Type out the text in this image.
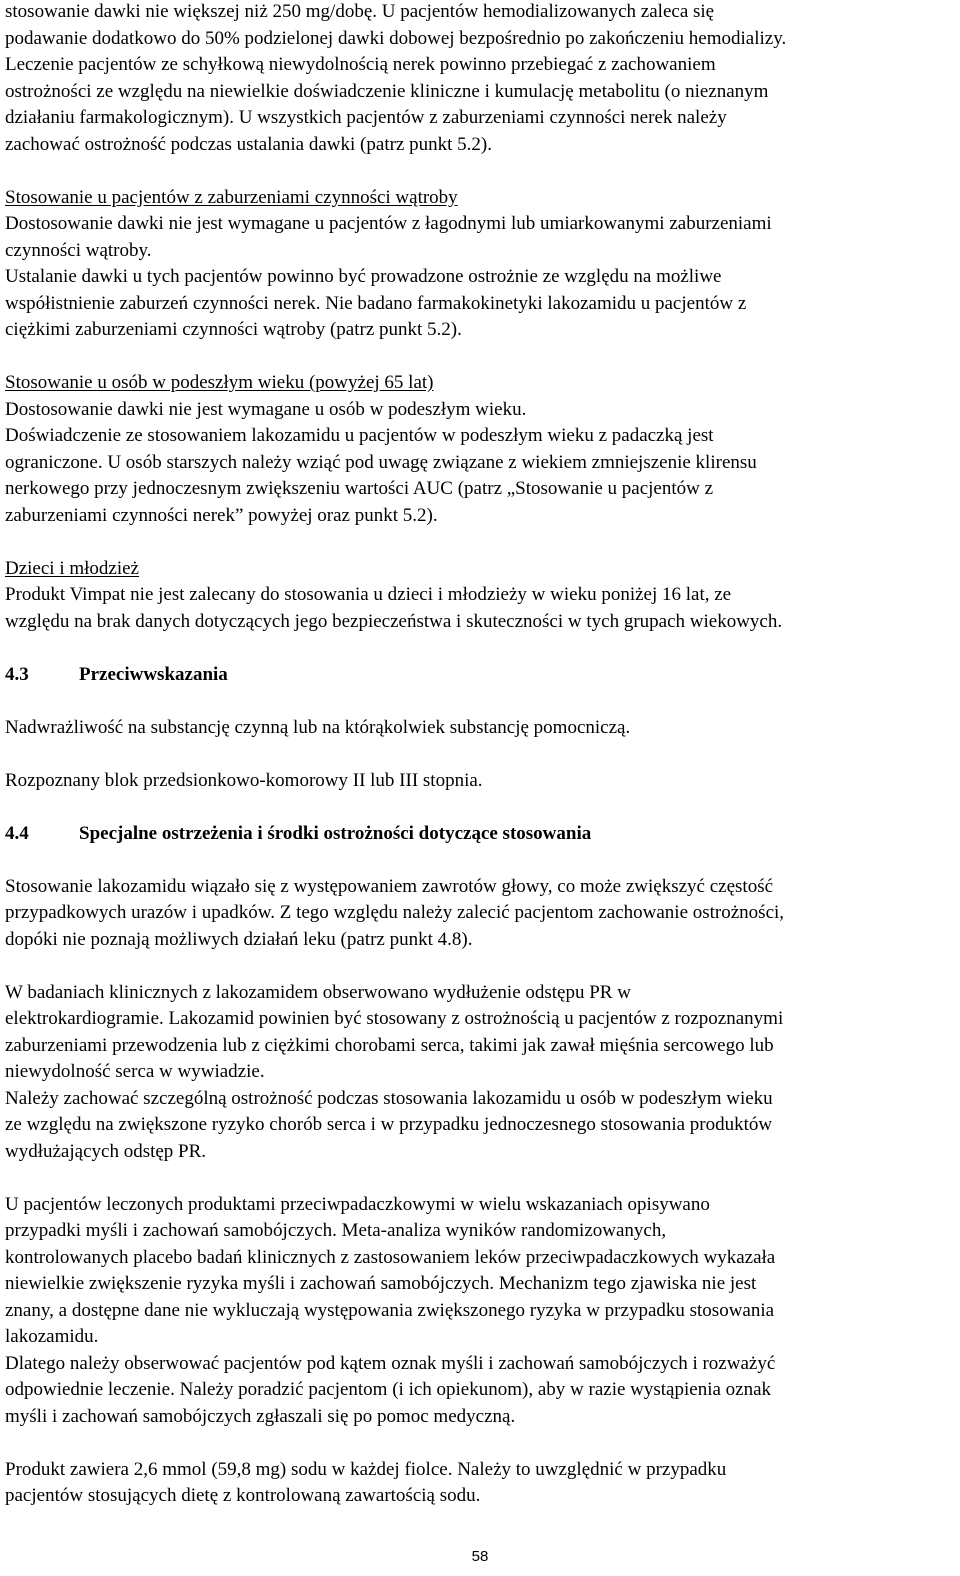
stosowanie dawki nie większej niż 250 mg/dobę. U pacjentów hemodializowanych zaleca się

podawanie dodatkowo do 50% podzielonej dawki dobowej bezpośrednio po zakończeniu hemodializy.

Leczenie pacjentów ze schyłkową niewydolnością nerek powinno przebiegać z zachowaniem

ostrożności ze względu na niewielkie doświadczenie kliniczne i kumulację metabolitu (o nieznanym

działaniu farmakologicznym). U wszystkich pacjentów z zaburzeniami czynności nerek należy

zachować ostrożność podczas ustalania dawki (patrz punkt 5.2).

Stosowanie u pacjentów z zaburzeniami czynności wątroby

Dostosowanie dawki nie jest wymagane u pacjentów z łagodnymi lub umiarkowanymi zaburzeniami

czynności wątroby.

Ustalanie dawki u tych pacjentów powinno być prowadzone ostrożnie ze względu na możliwe

współistnienie zaburzeń czynności nerek. Nie badano farmakokinetyki lakozamidu u pacjentów z

ciężkimi zaburzeniami czynności wątroby (patrz punkt 5.2).

Stosowanie u osób w podeszłym wieku (powyżej 65 lat)

Dostosowanie dawki nie jest wymagane u osób w podeszłym wieku.

Doświadczenie ze stosowaniem lakozamidu u pacjentów w podeszłym wieku z padaczką jest

ograniczone. U osób starszych należy wziąć pod uwagę związane z wiekiem zmniejszenie klirensu

nerkowego przy jednoczesnym zwiększeniu wartości AUC (patrz „Stosowanie u pacjentów z

zaburzeniami czynności nerek” powyżej oraz punkt 5.2).

Dzieci i młodzież

Produkt Vimpat nie jest zalecany do stosowania u dzieci i młodzieży w wieku poniżej 16 lat, ze

względu na brak danych dotyczących jego bezpieczeństwa i skuteczności w tych grupach wiekowych.

4.3	Przeciwwskazania

Nadwrażliwość na substancję czynną lub na którąkolwiek substancję pomocniczą.

Rozpoznany blok przedsionkowo-komorowy II lub III stopnia.

4.4	Specjalne ostrzeżenia i środki ostrożności dotyczące stosowania

Stosowanie lakozamidu wiązało się z występowaniem zawrotów głowy, co może zwiększyć częstość

przypadkowych urazów i upadków. Z tego względu należy zalecić pacjentom zachowanie ostrożności,

dopóki nie poznają możliwych działań leku (patrz punkt 4.8).

W badaniach klinicznych z lakozamidem obserwowano wydłużenie odstępu PR w

elektrokardiogramie. Lakozamid powinien być stosowany z ostrożnością u pacjentów z rozpoznanymi

zaburzeniami przewodzenia lub z ciężkimi chorobami serca, takimi jak zawał mięśnia sercowego lub

niewydolność serca w wywiadzie.

Należy zachować szczególną ostrożność podczas stosowania lakozamidu u osób w podeszłym wieku

ze względu na zwiększone ryzyko chorób serca i w przypadku jednoczesnego stosowania produktów

wydłużających odstęp PR.

U pacjentów leczonych produktami przeciwpadaczkowymi w wielu wskazaniach opisywano

przypadki myśli i zachowań samobójczych. Meta-analiza wyników randomizowanych,

kontrolowanych placebo badań klinicznych z zastosowaniem leków przeciwpadaczkowych wykazała

niewielkie zwiększenie ryzyka myśli i zachowań samobójczych. Mechanizm tego zjawiska nie jest

znany, a dostępne dane nie wykluczają występowania zwiększonego ryzyka w przypadku stosowania

lakozamidu.

Dlatego należy obserwować pacjentów pod kątem oznak myśli i zachowań samobójczych i rozważyć

odpowiednie leczenie. Należy poradzić pacjentom (i ich opiekunom), aby w razie wystąpienia oznak

myśli i zachowań samobójczych zgłaszali się po pomoc medyczną.

Produkt zawiera 2,6 mmol (59,8 mg) sodu w każdej fiolce. Należy to uwzględnić w przypadku

pacjentów stosujących dietę z kontrolowaną zawartością sodu.

58
